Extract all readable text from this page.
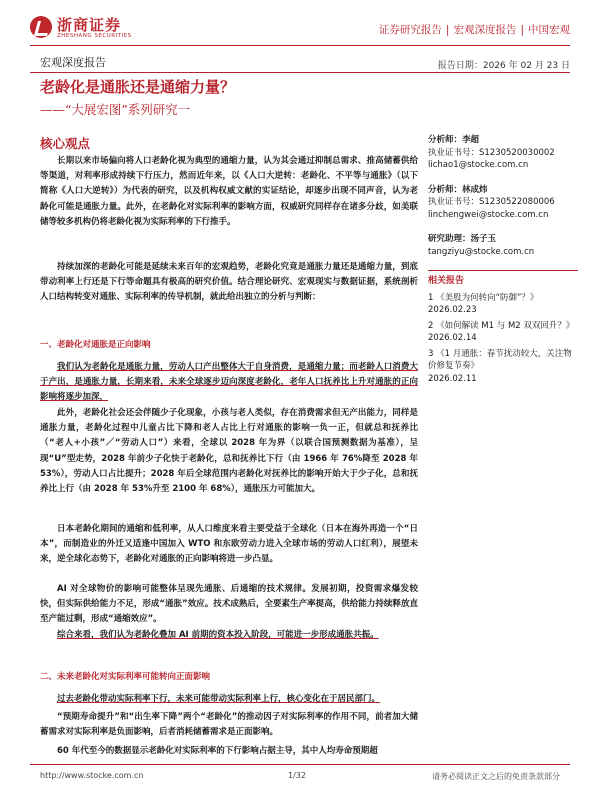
浙商证券
ZHESHANG SECURITIES	证券研究报告 | 宏观深度报告 | 中国宏观
宏观深度报告	报告日期：2026 年 02 月 23 日
老龄化是通胀还是通缩力量？
——“大展宏图”系列研究一
核心观点

长期以来市场偏向将人口老龄化视为典型的通缩力量，认为其会通过抑制总需求、推高储蓄供给等渠道，对利率形成持续下行压力，然而近年来，以《人口大逆转：老龄化、不平等与通胀》（以下简称《人口大逆转》）为代表的研究，以及机构权威文献的实证结论，却逐步出现不同声音，认为老龄化可能是通胀力量。此外，在老龄化对实际利率的影响方面，权威研究同样存在诸多分歧，如美联储等较多机构仍将老龄化视为实际利率的下行推手。

持续加深的老龄化可能是延续未来百年的宏观趋势，老龄化究竟是通胀力量还是通缩力量，到底带动利率上行还是下行等命题具有极高的研究价值。结合理论研究、宏观现实与数据证据，系统剖析人口结构转变对通胀、实际利率的传导机制，就此给出独立的分析与判断：

一、老龄化对通胀是正向影响

我们认为老龄化是通胀力量，劳动人口产出整体大于自身消费，是通缩力量；而老龄人口消费大于产出，是通胀力量，长期来看，未来全球逐步迈向深度老龄化，老年人口抚养比上升对通胀的正向影响将逐步加深，

此外，老龄化社会还会伴随少子化现象，小孩与老人类似，存在消费需求但无产出能力，同样是通胀力量，老龄化过程中儿童占比下降和老人占比上行对通胀的影响一负一正，但就总和抚养比（“老人+小孩”／“劳动人口”）来看，全球以 2028 年为界（以联合国预测数据为基准），呈现“U”型走势，2028 年前少子化快于老龄化，总和抚养比下行（由 1966 年 76%降至 2028 年 53%），劳动人口占比提升；2028 年后全球范围内老龄化对抚养比的影响开始大于少子化，总和抚养比上行（由 2028 年 53%升至 2100 年 68%），通胀压力可能加大。

日本老龄化期间的通缩和低利率，从人口维度来看主要受益于全球化（日本在海外再造一个“日本”，而制造业的外迁又适逢中国加入 WTO 和东欧劳动力进入全球市场的劳动人口红利），展望未来，逆全球化态势下，老龄化对通胀的正向影响将进一步凸显。

AI 对全球物价的影响可能整体呈现先通胀、后通缩的技术规律。发展初期，投资需求爆发较快，但实际供给能力不足，形成“通胀”效应。技术成熟后，全要素生产率提高，供给能力持续释放直至产能过剩，形成“通缩效应”。

综合来看，我们认为老龄化叠加 AI 前期的资本投入阶段，可能进一步形成通胀共振。

二、未来老龄化对实际利率可能转向正面影响

过去老龄化带动实际利率下行，未来可能带动实际利率上行，核心变化在于居民部门。

“预期寿命提升”和“出生率下降”两个“老龄化”的推动因子对实际利率的作用不同，前者加大储蓄需求对实际利率是负面影响，后者消耗储蓄需求是正面影响。

60 年代至今的数据显示老龄化对实际利率的下行影响占据主导，其中人均寿命预期超

分析师：李超
执业证书号：S1230520030002
lichao1@stocke.com.cn
分析师：林成炜
执业证书号：S1230522080006
linchengwei@stocke.com.cn
研究助理：汤子玉
tangziyu@stocke.com.cn
相关报告
1 《美股为何转向“防御”？》
2026.02.23
2 《如何解读 M1 与 M2 双双回升？》
2026.02.14
3 《1 月通胀：春节扰动较大，关注物价修复节奏》
2026.02.11
http://www.stocke.com.cn	1/32	请务必阅读正文之后的免责条款部分
